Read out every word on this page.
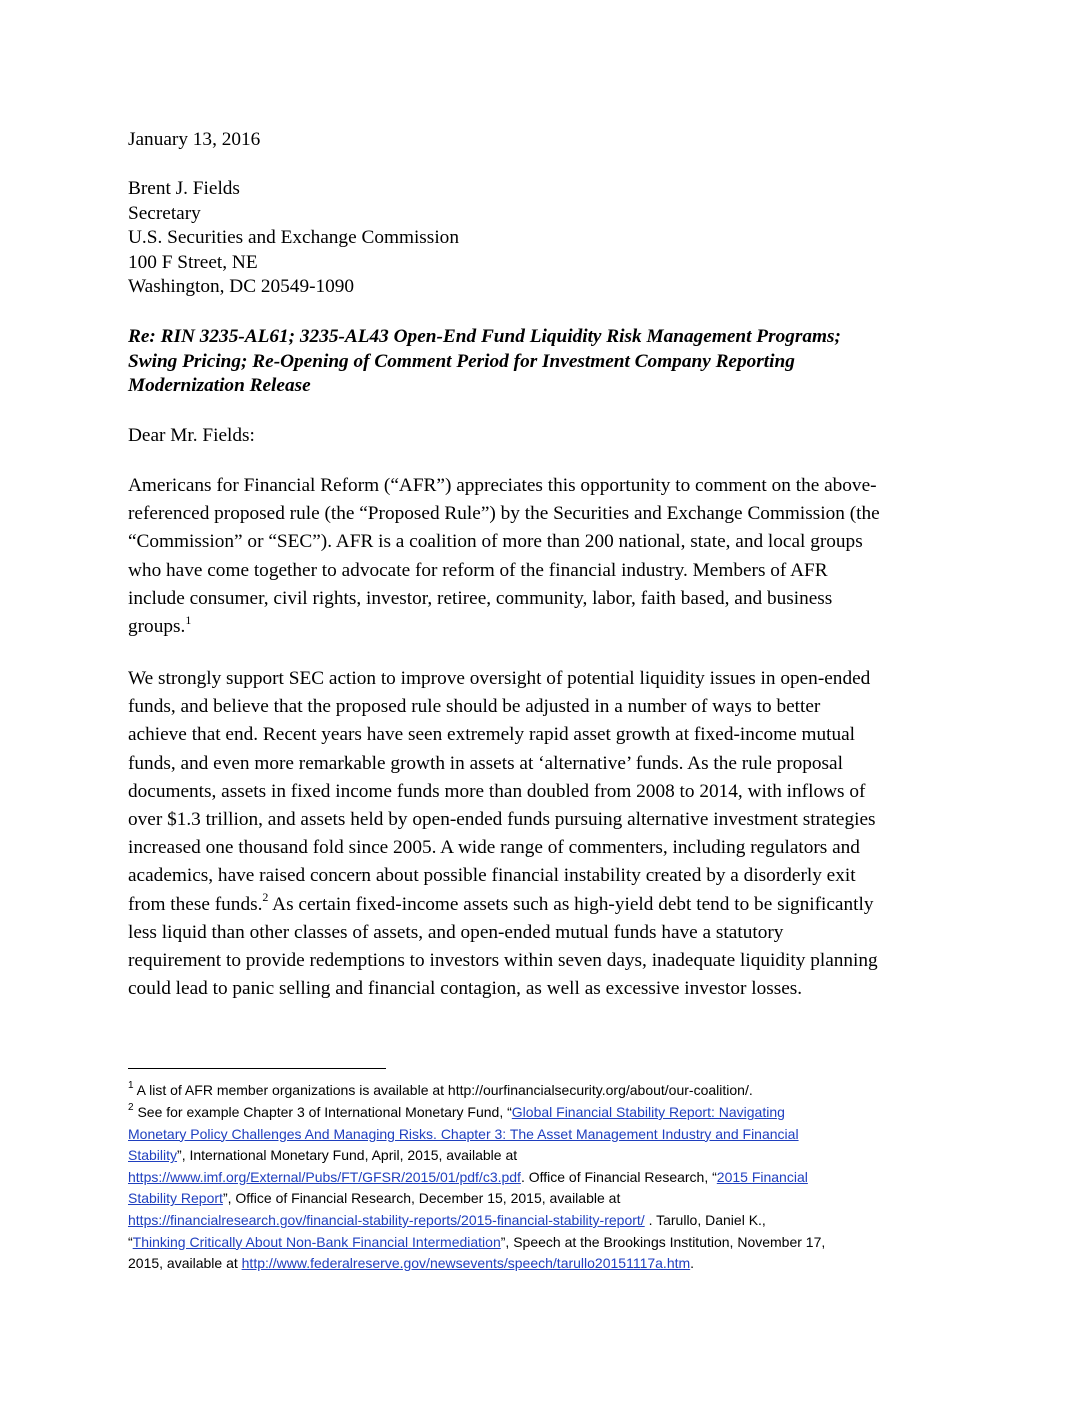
January 13, 2016
Brent J. Fields
Secretary
U.S. Securities and Exchange Commission
100 F Street, NE
Washington, DC 20549-1090
Re: RIN 3235-AL61; 3235-AL43 Open-End Fund Liquidity Risk Management Programs;
Swing Pricing; Re-Opening of Comment Period for Investment Company Reporting
Modernization Release
Dear Mr. Fields:
Americans for Financial Reform (“AFR”) appreciates this opportunity to comment on the above-
referenced proposed rule (the “Proposed Rule”) by the Securities and Exchange Commission (the
“Commission” or “SEC”). AFR is a coalition of more than 200 national, state, and local groups
who have come together to advocate for reform of the financial industry. Members of AFR
include consumer, civil rights, investor, retiree, community, labor, faith based, and business
groups.$^1$
We strongly support SEC action to improve oversight of potential liquidity issues in open-ended
funds, and believe that the proposed rule should be adjusted in a number of ways to better
achieve that end. Recent years have seen extremely rapid asset growth at fixed-income mutual
funds, and even more remarkable growth in assets at ‘alternative’ funds. As the rule proposal
documents, assets in fixed income funds more than doubled from 2008 to 2014, with inflows of
over $1.3 trillion, and assets held by open-ended funds pursuing alternative investment strategies
increased one thousand fold since 2005. A wide range of commenters, including regulators and
academics, have raised concern about possible financial instability created by a disorderly exit
from these funds.$^2$ As certain fixed-income assets such as high-yield debt tend to be significantly
less liquid than other classes of assets, and open-ended mutual funds have a statutory
requirement to provide redemptions to investors within seven days, inadequate liquidity planning
could lead to panic selling and financial contagion, as well as excessive investor losses.
$^1$ A list of AFR member organizations is available at http://ourfinancialsecurity.org/about/our-coalition/.
$^2$ See for example Chapter 3 of International Monetary Fund, “Global Financial Stability Report: Navigating
Monetary Policy Challenges And Managing Risks. Chapter 3: The Asset Management Industry and Financial
Stability”, International Monetary Fund, April, 2015, available at
https://www.imf.org/External/Pubs/FT/GFSR/2015/01/pdf/c3.pdf. Office of Financial Research, “2015 Financial
Stability Report”, Office of Financial Research, December 15, 2015, available at
https://financialresearch.gov/financial-stability-reports/2015-financial-stability-report/ . Tarullo, Daniel K.,
“Thinking Critically About Non-Bank Financial Intermediation”, Speech at the Brookings Institution, November 17,
2015, available at http://www.federalreserve.gov/newsevents/speech/tarullo20151117a.htm.
